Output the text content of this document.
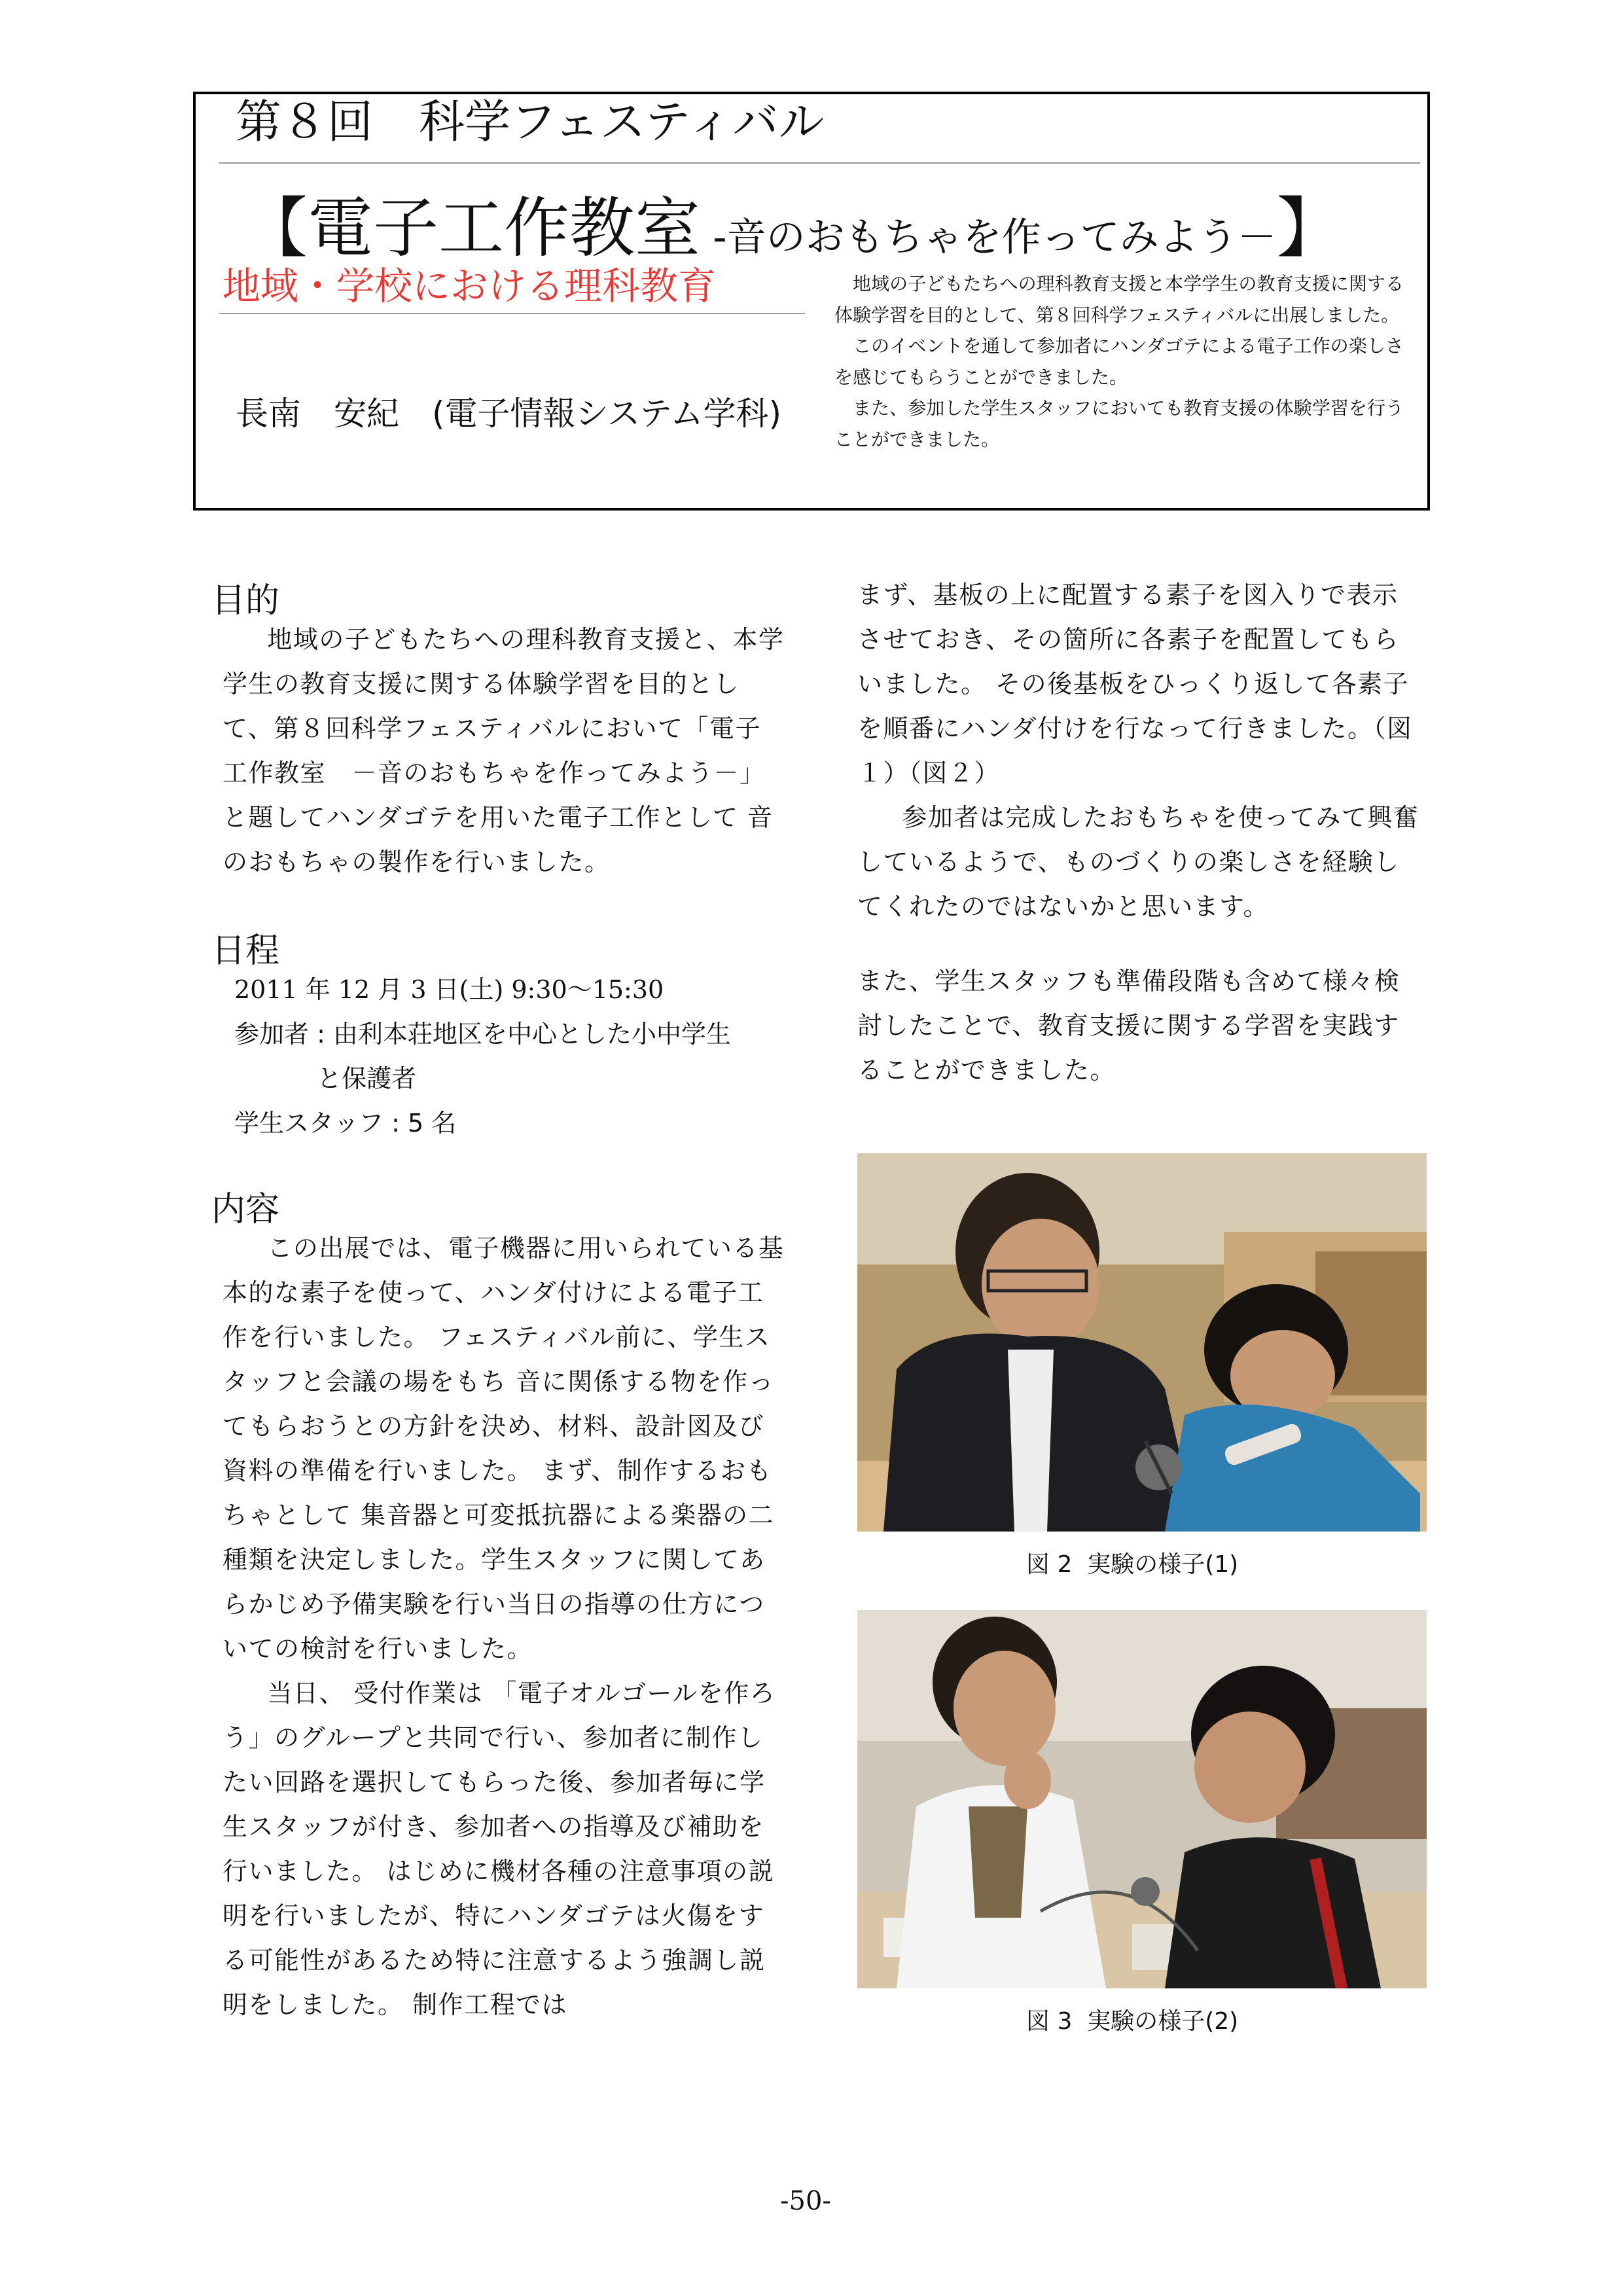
第８回　科学フェスティバル
【電子工作教室 -音のおもちゃを作ってみよう－】
地域・学校における理科教育
長南　安紀　(電子情報システム学科)

地域の子どもたちへの理科教育支援と本学学生の教育支援に関する体験学習を目的として、第８回科学フェスティバルに出展しました。

このイベントを通して参加者にハンダゴテによる電子工作の楽しさを感じてもらうことができました。

また、参加した学生スタッフにおいても教育支援の体験学習を行うことができました。

目的

地域の子どもたちへの理科教育支援と、本学学生の教育支援に関する体験学習を目的として、第８回科学フェスティバルにおいて「電子工作教室　－音のおもちゃを作ってみよう－」と題してハンダゴテを用いた電子工作として 音のおもちゃの製作を行いました。

日程
2011 年 12 月 3 日(土) 9:30～15:30
参加者 : 由利本荘地区を中心とした小中学生
　　　 と保護者
学生スタッフ : 5 名
内容

この出展では、電子機器に用いられている基本的な素子を使って、ハンダ付けによる電子工作を行いました。 フェスティバル前に、学生スタッフと会議の場をもち 音に関係する物を作ってもらおうとの方針を決め、材料、設計図及び資料の準備を行いました。 まず、制作するおもちゃとして 集音器と可変抵抗器による楽器の二種類を決定しました。学生スタッフに関してあらかじめ予備実験を行い当日の指導の仕方についての検討を行いました。

当日、 受付作業は 「電子オルゴールを作ろう」のグループと共同で行い、参加者に制作したい回路を選択してもらった後、参加者毎に学生スタッフが付き、参加者への指導及び補助を行いました。 はじめに機材各種の注意事項の説明を行いましたが、特にハンダゴテは火傷をする可能性があるため特に注意するよう強調し説明をしました。 制作工程では

まず、基板の上に配置する素子を図入りで表示させておき、その箇所に各素子を配置してもらいました。 その後基板をひっくり返して各素子を順番にハンダ付けを行なって行きました。（図１）（図２）

参加者は完成したおもちゃを使ってみて興奮しているようで、ものづくりの楽しさを経験してくれたのではないかと思います。

また、学生スタッフも準備段階も含めて様々検討したことで、教育支援に関する学習を実践することができました。

図 2  実験の様子(1)
図 3  実験の様子(2)
-50-
